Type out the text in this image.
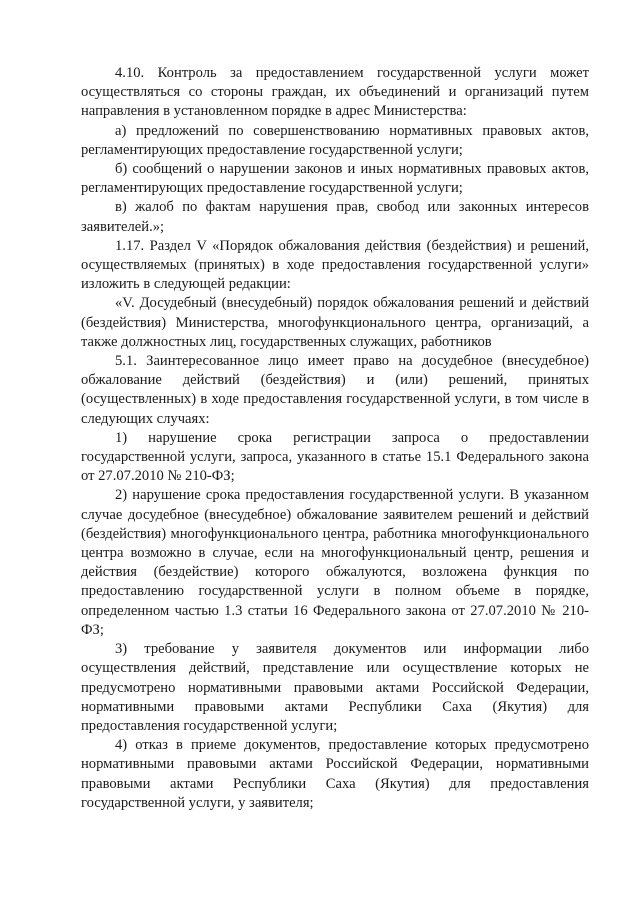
4.10. Контроль за предоставлением государственной услуги может осуществляться со стороны граждан, их объединений и организаций путем направления в установленном порядке в адрес Министерства:

а) предложений по совершенствованию нормативных правовых актов, регламентирующих предоставление государственной услуги;

б) сообщений о нарушении законов и иных нормативных правовых актов, регламентирующих предоставление государственной услуги;

в) жалоб по фактам нарушения прав, свобод или законных интересов заявителей.»;

1.17. Раздел V «Порядок обжалования действия (бездействия) и решений, осуществляемых (принятых) в ходе предоставления государственной услуги» изложить в следующей редакции:

«V. Досудебный (внесудебный) порядок обжалования решений и действий (бездействия) Министерства, многофункционального центра, организаций, а также должностных лиц, государственных служащих, работников

5.1. Заинтересованное лицо имеет право на досудебное (внесудебное) обжалование действий (бездействия) и (или) решений, принятых (осуществленных) в ходе предоставления государственной услуги, в том числе в следующих случаях:

1) нарушение срока регистрации запроса о предоставлении государственной услуги, запроса, указанного в статье 15.1 Федерального закона от 27.07.2010 № 210-ФЗ;

2) нарушение срока предоставления государственной услуги. В указанном случае досудебное (внесудебное) обжалование заявителем решений и действий (бездействия) многофункционального центра, работника многофункционального центра возможно в случае, если на многофункциональный центр, решения и действия (бездействие) которого обжалуются, возложена функция по предоставлению государственной услуги в полном объеме в порядке, определенном частью 1.3 статьи 16 Федерального закона от 27.07.2010 № 210-ФЗ;

3) требование у заявителя документов или информации либо осуществления действий, представление или осуществление которых не предусмотрено нормативными правовыми актами Российской Федерации, нормативными правовыми актами Республики Саха (Якутия) для предоставления государственной услуги;

4) отказ в приеме документов, предоставление которых предусмотрено нормативными правовыми актами Российской Федерации, нормативными правовыми актами Республики Саха (Якутия) для предоставления государственной услуги, у заявителя;
